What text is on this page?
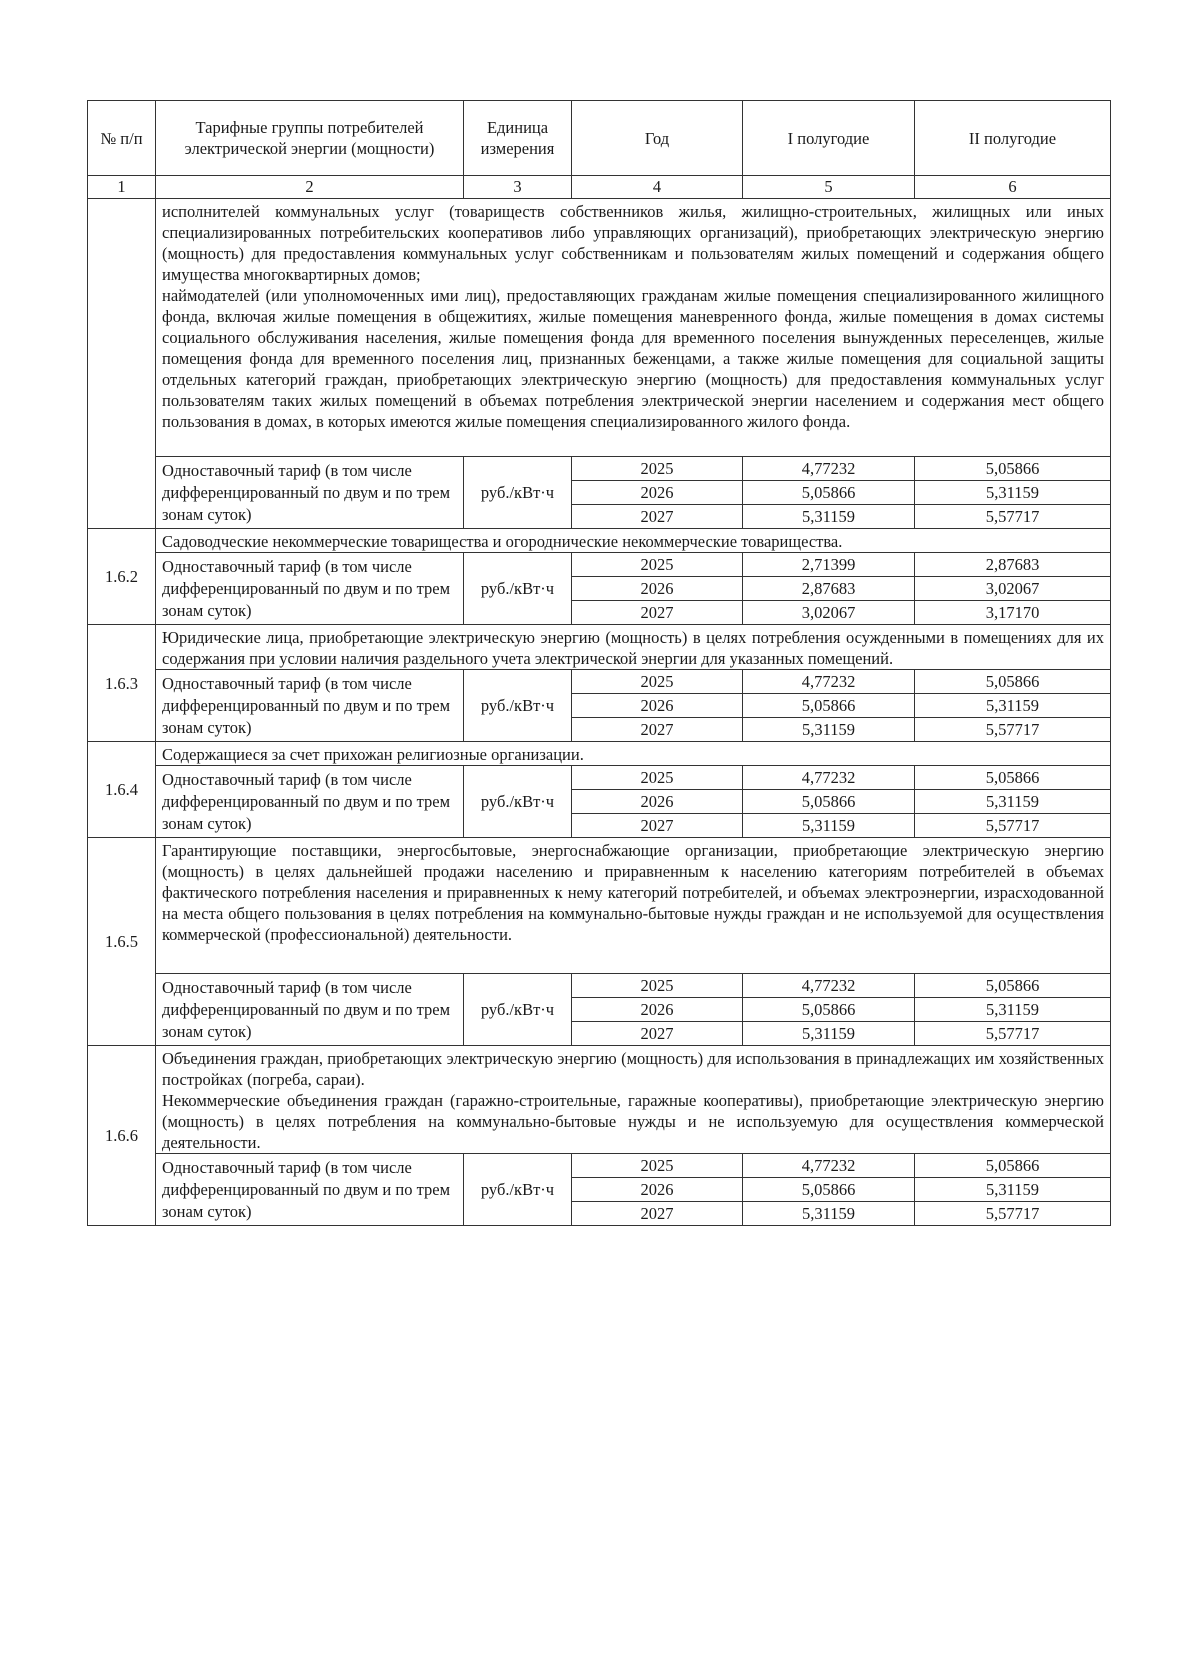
№ п/п	Тарифные группы потребителей электрической энергии (мощности)	Единица измерения	Год	I полугодие	II полугодие
1	2	3	4	5	6

	исполнителей коммунальных услуг (товариществ собственников жилья, жилищно-строительных, жилищных или иных специализированных потребительских кооперативов либо управляющих организаций), приобретающих электрическую энергию (мощность) для предоставления коммунальных услуг собственникам и пользователям жилых помещений и содержания общего имущества многоквартирных домов;
наймодателей (или уполномоченных ими лиц), предоставляющих гражданам жилые помещения специализированного жилищного фонда, включая жилые помещения в общежитиях, жилые помещения маневренного фонда, жилые помещения в домах системы социального обслуживания населения, жилые помещения фонда для временного поселения вынужденных переселенцев, жилые помещения фонда для временного поселения лиц, признанных беженцами, а также жилые помещения для социальной защиты отдельных категорий граждан, приобретающих электрическую энергию (мощность) для предоставления коммунальных услуг пользователям таких жилых помещений в объемах потребления электрической энергии населением и содержания мест общего пользования в домах, в которых имеются жилые помещения специализированного жилого фонда.				

	Одноставочный тариф (в том числе дифференцированный по двум и по трем зонам суток)	руб./кВт·ч	2025	4,77232	5,05866
			2026	5,05866	5,31159
			2027	5,31159	5,57717
1.6.2	Садоводческие некоммерческие товарищества и огороднические некоммерческие товарищества.				

	Одноставочный тариф (в том числе дифференцированный по двум и по трем зонам суток)	руб./кВт·ч	2025	2,71399	2,87683
			2026	2,87683	3,02067
			2027	3,02067	3,17170
1.6.3	Юридические лица, приобретающие электрическую энергию (мощность) в целях потребления осужденными в помещениях для их содержания при условии наличия раздельного учета электрической энергии для указанных помещений.				

	Одноставочный тариф (в том числе дифференцированный по двум и по трем зонам суток)	руб./кВт·ч	2025	4,77232	5,05866
			2026	5,05866	5,31159
			2027	5,31159	5,57717
1.6.4	Содержащиеся за счет прихожан религиозные организации.				

	Одноставочный тариф (в том числе дифференцированный по двум и по трем зонам суток)	руб./кВт·ч	2025	4,77232	5,05866
			2026	5,05866	5,31159
			2027	5,31159	5,57717
1.6.5	Гарантирующие поставщики, энергосбытовые, энергоснабжающие организации, приобретающие электрическую энергию (мощность) в целях дальнейшей продажи населению и приравненным к населению категориям потребителей в объемах фактического потребления населения и приравненных к нему категорий потребителей, и объемах электроэнергии, израсходованной на места общего пользования в целях потребления на коммунально-бытовые нужды граждан и не используемой для осуществления коммерческой (профессиональной) деятельности.				

	Одноставочный тариф (в том числе дифференцированный по двум и по трем зонам суток)	руб./кВт·ч	2025	4,77232	5,05866
			2026	5,05866	5,31159
			2027	5,31159	5,57717
1.6.6	Объединения граждан, приобретающих электрическую энергию (мощность) для использования в принадлежащих им хозяйственных постройках (погреба, сараи).
Некоммерческие объединения граждан (гаражно-строительные, гаражные кооперативы), приобретающие электрическую энергию (мощность) в целях потребления на коммунально-бытовые нужды и не используемую для осуществления коммерческой деятельности.				

	Одноставочный тариф (в том числе дифференцированный по двум и по трем зонам суток)	руб./кВт·ч	2025	4,77232	5,05866
			2026	5,05866	5,31159
			2027	5,31159	5,57717
